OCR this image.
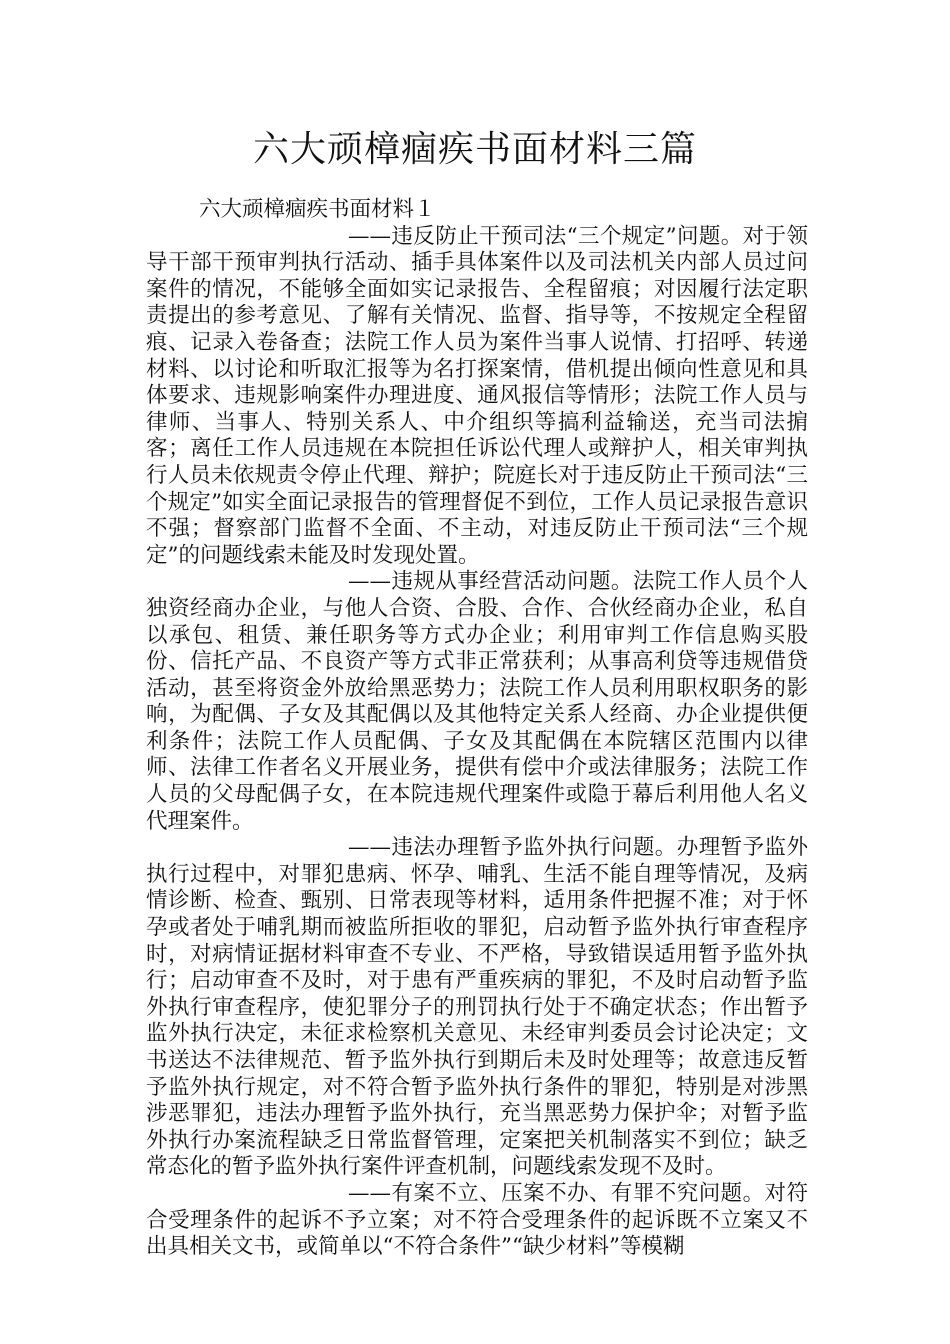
六大顽樟痼疾书面材料三篇

六大顽樟痼疾书面材料１

——违反防止干预司法“三个规定”问题。对于领导干部干预审判执行活动、插手具体案件以及司法机关内部人员过问案件的情况，不能够全面如实记录报告、全程留痕；对因履行法定职责提出的参考意见、了解有关情况、监督、指导等，不按规定全程留痕、记录入卷备查；法院工作人员为案件当事人说情、打招呼、转递材料、以讨论和听取汇报等为名打探案情，借机提出倾向性意见和具体要求、违规影响案件办理进度、通风报信等情形；法院工作人员与律师、当事人、特别关系人、中介组织等搞利益输送，充当司法掮客；离任工作人员违规在本院担任诉讼代理人或辩护人，相关审判执行人员未依规责令停止代理、辩护；院庭长对于违反防止干预司法“三个规定”如实全面记录报告的管理督促不到位，工作人员记录报告意识不强；督察部门监督不全面、不主动，对违反防止干预司法“三个规定”的问题线索未能及时发现处置。

——违规从事经营活动问题。法院工作人员个人独资经商办企业，与他人合资、合股、合作、合伙经商办企业，私自以承包、租赁、兼任职务等方式办企业；利用审判工作信息购买股份、信托产品、不良资产等方式非正常获利；从事高利贷等违规借贷活动，甚至将资金外放给黑恶势力；法院工作人员利用职权职务的影响，为配偶、子女及其配偶以及其他特定关系人经商、办企业提供便利条件；法院工作人员配偶、子女及其配偶在本院辖区范围内以律师、法律工作者名义开展业务，提供有偿中介或法律服务；法院工作人员的父母配偶子女，在本院违规代理案件或隐于幕后利用他人名义代理案件。

——违法办理暂予监外执行问题。办理暂予监外执行过程中，对罪犯患病、怀孕、哺乳、生活不能自理等情况，及病情诊断、检查、甄别、日常表现等材料，适用条件把握不准；对于怀孕或者处于哺乳期而被监所拒收的罪犯，启动暂予监外执行审查程序时，对病情证据材料审查不专业、不严格，导致错误适用暂予监外执行；启动审查不及时，对于患有严重疾病的罪犯，不及时启动暂予监外执行审查程序，使犯罪分子的刑罚执行处于不确定状态；作出暂予监外执行决定，未征求检察机关意见、未经审判委员会讨论决定；文书送达不法律规范、暂予监外执行到期后未及时处理等；故意违反暂予监外执行规定，对不符合暂予监外执行条件的罪犯，特别是对涉黑涉恶罪犯，违法办理暂予监外执行，充当黑恶势力保护伞；对暂予监外执行办案流程缺乏日常监督管理，定案把关机制落实不到位；缺乏常态化的暂予监外执行案件评查机制，问题线索发现不及时。

——有案不立、压案不办、有罪不究问题。对符合受理条件的起诉不予立案；对不符合受理条件的起诉既不立案又不出具相关文书，或简单以“不符合条件”“缺少材料”等模糊
